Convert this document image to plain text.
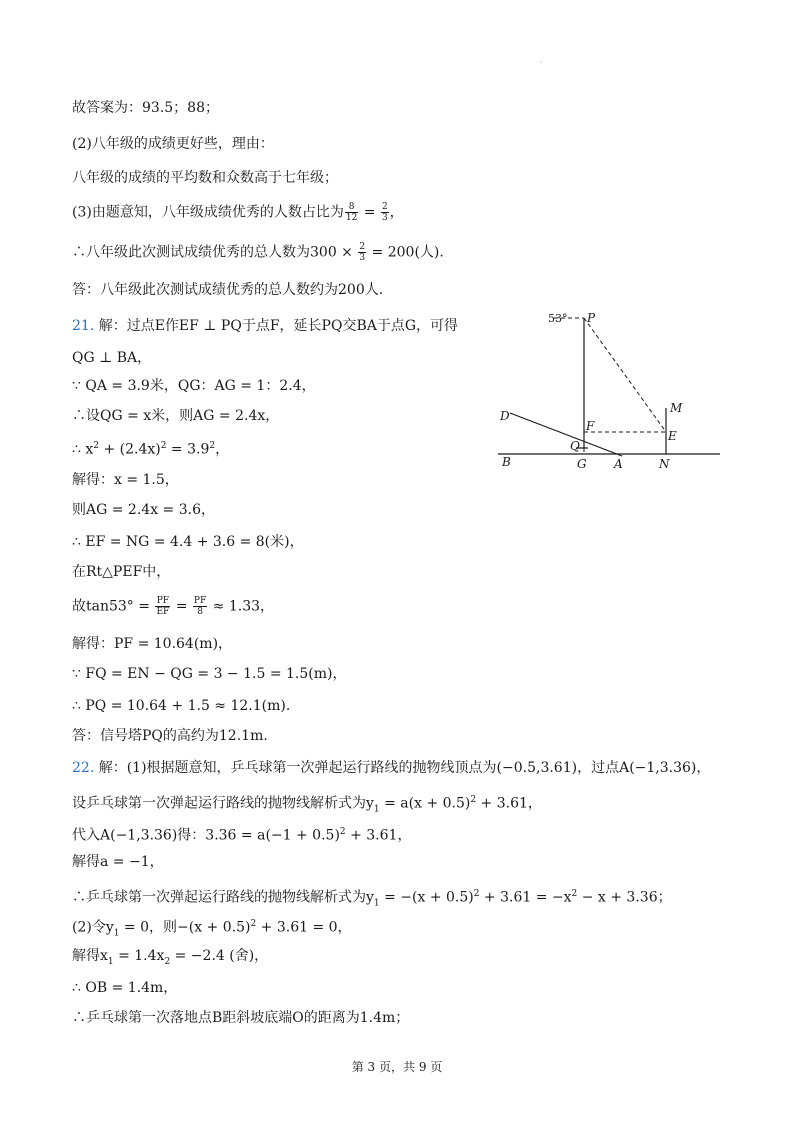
·
故答案为：93.5；88；
(2)八年级的成绩更好些，理由：
八年级的成绩的平均数和众数高于七年级；
(3)由题意知，八年级成绩优秀的人数占比为 $\frac{8}{12} = \frac{2}{3}$ ，
∴八年级此次测试成绩优秀的总人数为$300 \times \frac{2}{3} = 200$(人).
答：八年级此次测试成绩优秀的总人数约为200人.
21. 解：过点E作EF ⊥ PQ于点F，延长PQ交BA于点G，可得QG ⊥ BA，
∵ QA = 3.9米，QG：AG = 1：2.4，
∴设QG = x米，则AG = 2.4x，
∴ $x^2 + (2.4x)^2 = 3.9^2$，
解得：x = 1.5，
则AG = 2.4x = 3.6，
∴ EF = NG = 4.4 + 3.6 = 8(米)，
在Rt△PEF中，
故$\tan 53^\circ = \frac{PF}{EF} = \frac{PF}{8} \approx 1.33$，
解得：PF = 10.64(m)，
∵ FQ = EN − QG = 3 − 1.5 = 1.5(m)，
∴ PQ = 10.64 + 1.5 ≈ 12.1(m).
答：信号塔PQ的高约为12.1m.
53° P
M
D
F
E
Q
B	G A	N
22. 解：(1)根据题意知，乒乓球第一次弹起运行路线的抛物线顶点为(−0.5,3.61)，过点A(−1,3.36)，
设乒乓球第一次弹起运行路线的抛物线解析式为$y_1 = a(x + 0.5)^2 + 3.61$，
代入A(−1,3.36)得：$3.36 = a(-1 + 0.5)^2 + 3.61$，
解得a = −1，
∴乒乓球第一次弹起运行路线的抛物线解析式为$y_1 = -(x + 0.5)^2 + 3.61 = -x^2 - x + 3.36$；
(2)令$y_1 = 0$，则$-(x + 0.5)^2 + 3.61 = 0$，
解得$x_1 = 1.4x_2 = -2.4$ (舍)，
∴ OB = 1.4m，
∴乒乓球第一次落地点B距斜坡底端O的距离为1.4m；
第 3 页，共 9 页
